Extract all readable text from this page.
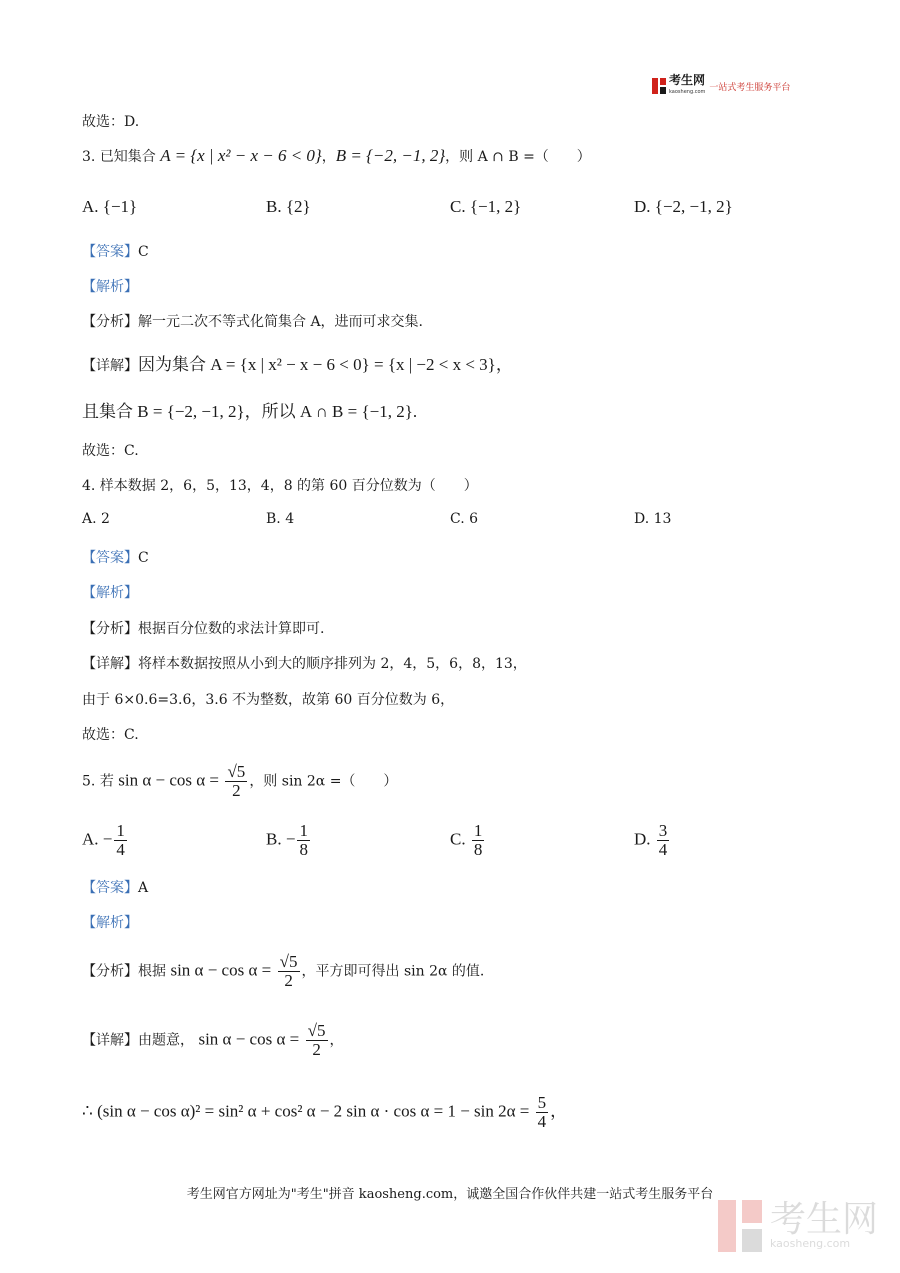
考生网
kaosheng.com 一站式考生服务平台
故选：D.
3. 已知集合 A = {x | x² − x − 6 < 0}，B = {−2, −1, 2}，则 A ∩ B =（　　）
A. {−1}	B. {2}	C. {−1, 2}	D. {−2, −1, 2}
【答案】C
【解析】
【分析】解一元二次不等式化简集合 A，进而可求交集.
【详解】因为集合 A = {x | x² − x − 6 < 0} = {x | −2 < x < 3}，
且集合 B = {−2, −1, 2}，所以 A ∩ B = {−1, 2}.
故选：C.
4. 样本数据 2，6，5，13，4，8 的第 60 百分位数为（　　）
A. 2	B. 4	C. 6	D. 13
【答案】C
【解析】
【分析】根据百分位数的求法计算即可.
【详解】将样本数据按照从小到大的顺序排列为 2，4，5，6，8，13，
由于 6×0.6=3.6，3.6 不为整数，故第 60 百分位数为 6，
故选：C.
5. 若 $\sin \alpha - \cos \alpha = \frac{√5}{2}$ ，则 sin 2α =（　　）
A. − $\frac{1}{4}$	B. − $\frac{1}{8}$	C. $\frac{1}{8}$	D. $\frac{3}{4}$
【答案】A
【解析】
【分析】根据 $\sin \alpha - \cos \alpha = \frac{√5}{2}$ ，平方即可得出 sin 2α 的值.
【详解】由题意， $\sin \alpha - \cos \alpha = \frac{√5}{2}$ ，
∴ (sin α − cos α)² = sin² α + cos² α − 2 $\sin \alpha \cdot \cos \alpha = 1 - \sin 2\alpha = \frac{5}{4}$ ，
考生网官方网址为"考生"拼音 kaosheng.com，诚邀全国合作伙伴共建一站式考生服务平台
考生网
kaosheng.com
